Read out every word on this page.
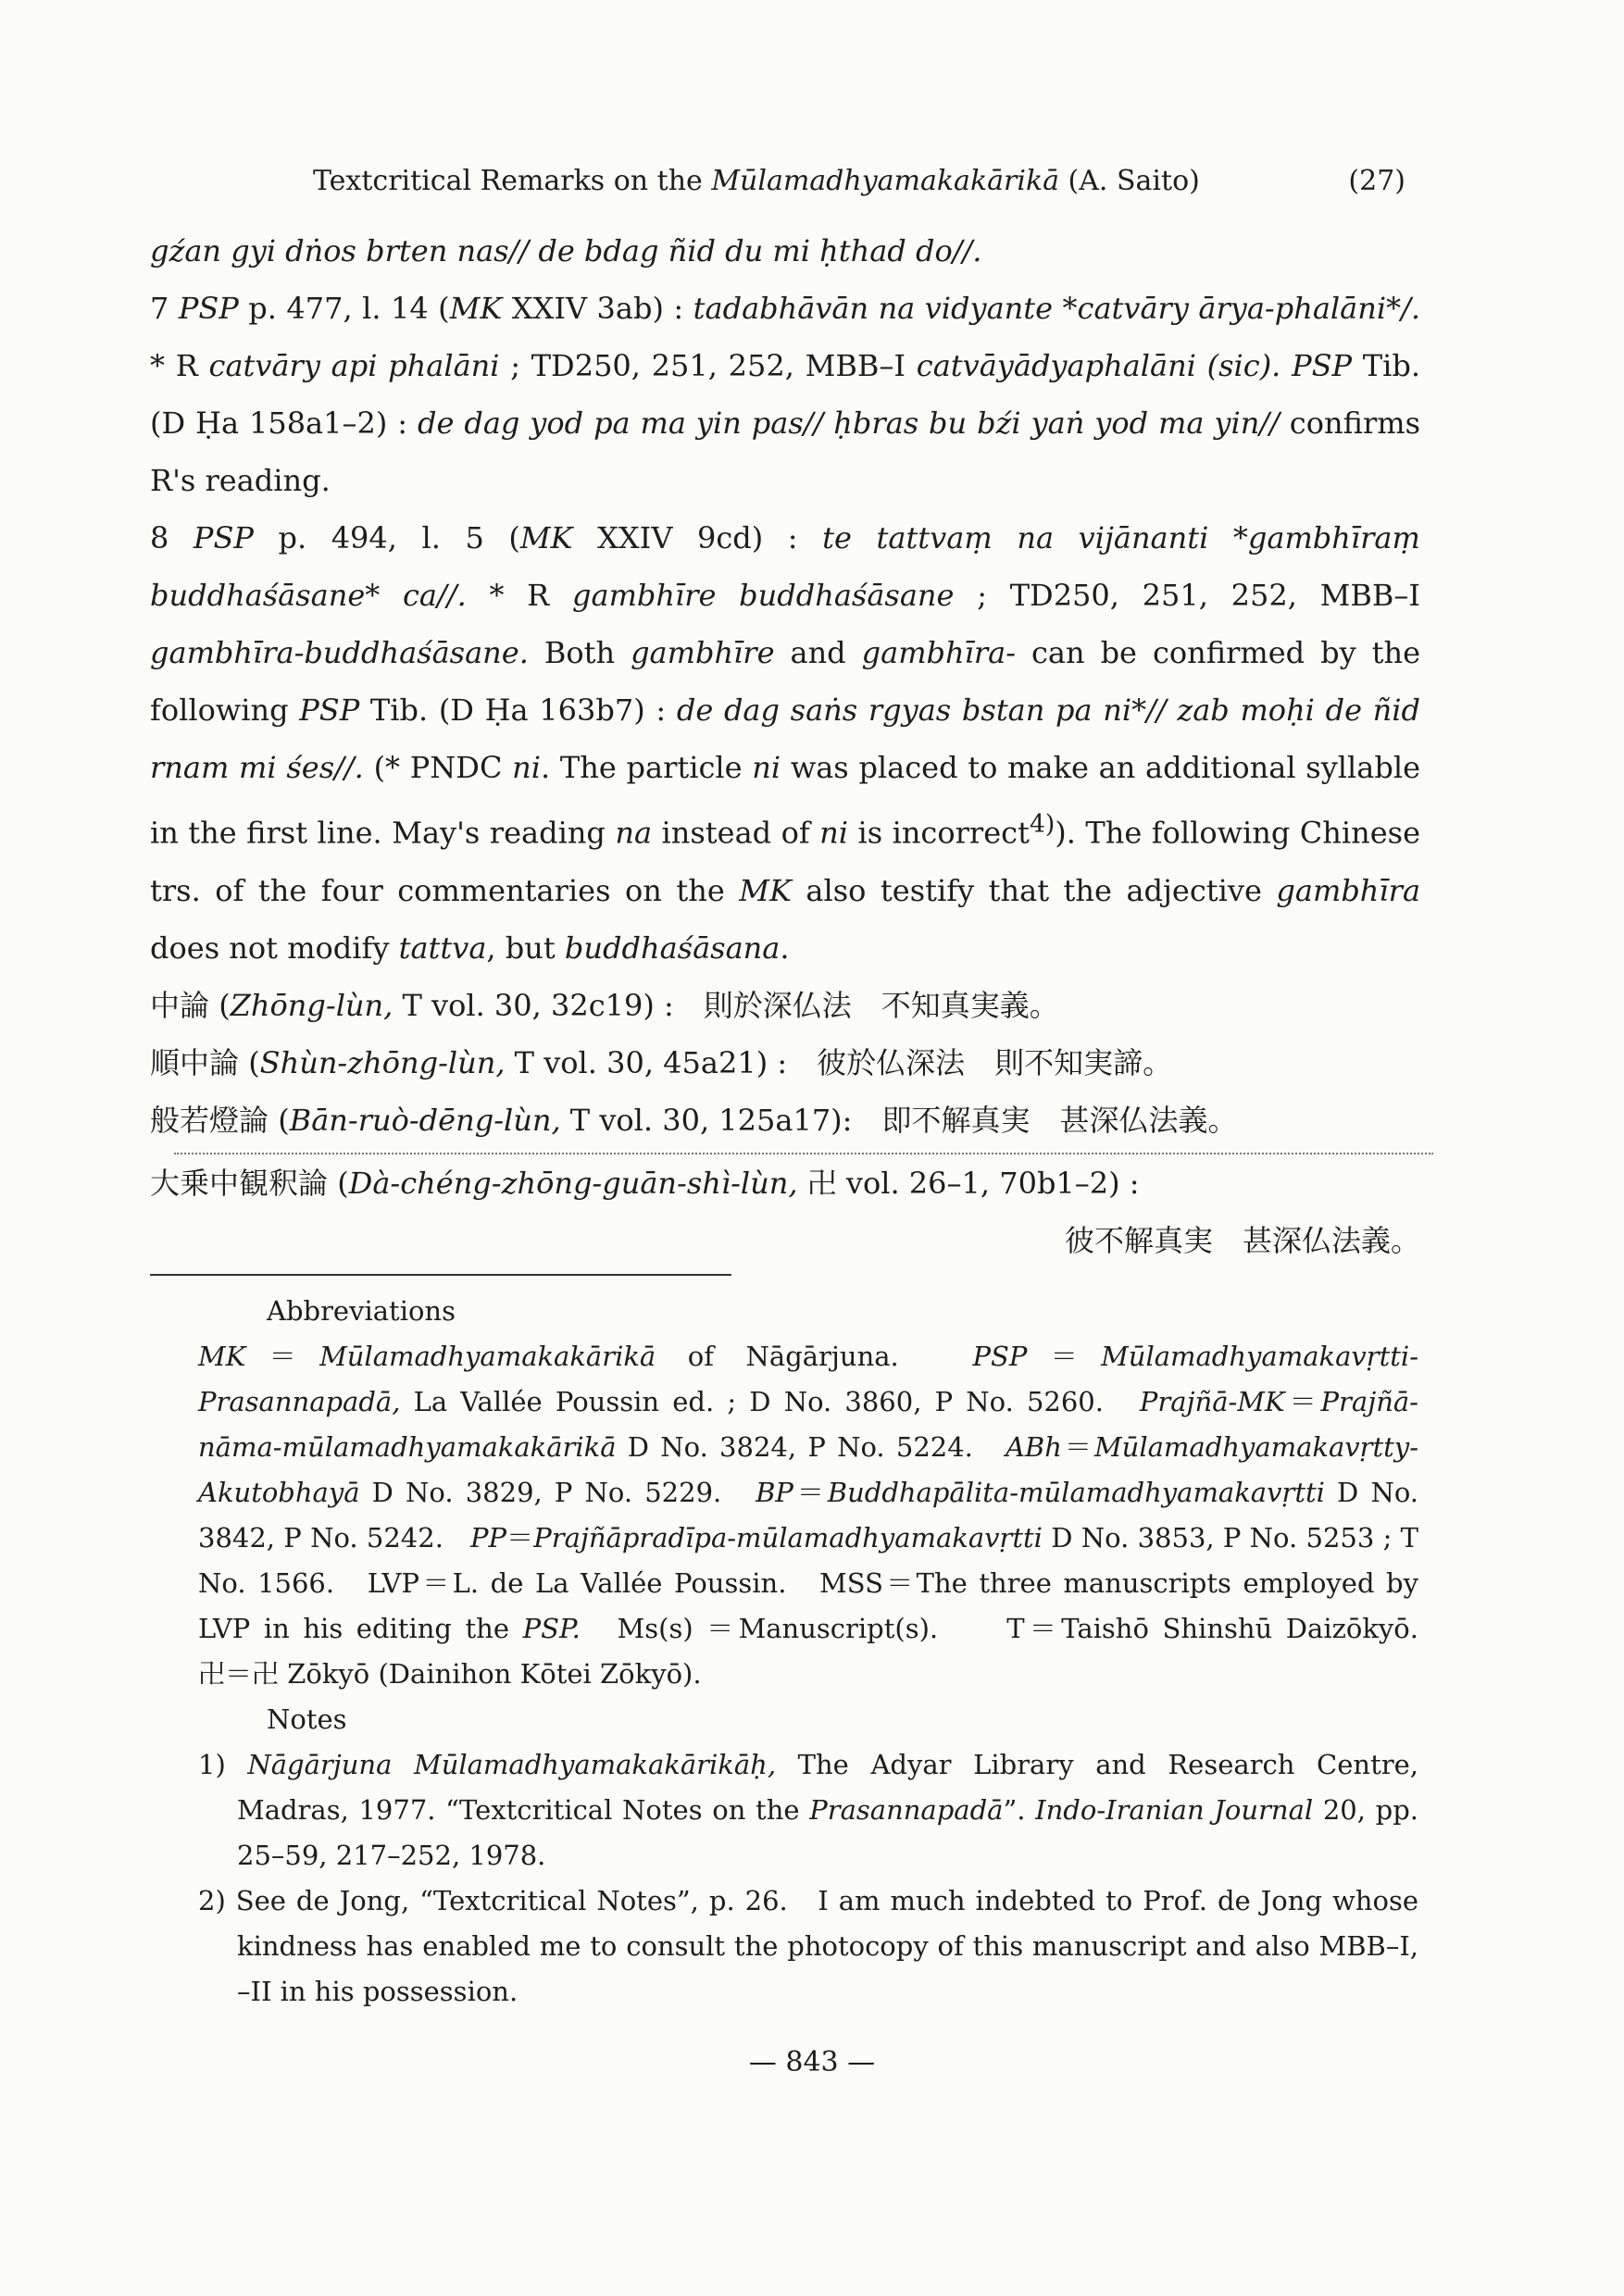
Textcritical Remarks on the Mūlamadhyamakakārikā (A. Saito)	(27)

gźan gyi dṅos brten nas// de bdag ñid du mi ḥthad do//.

7 PSP p. 477, l. 14 (MK XXIV 3ab) : tadabhāvān na vidyante *catvāry ārya-phalāni*/. * R catvāry api phalāni ; TD250, 251, 252, MBB–I catvāyādyaphalāni (sic). PSP Tib. (D Ḥa 158a1–2) : de dag yod pa ma yin pas// ḥbras bu bźi yaṅ yod ma yin// confirms R's reading.

8 PSP p. 494, l. 5 (MK XXIV 9cd) : te tattvaṃ na vijānanti *gambhīraṃ buddhaśāsane* ca//. * R gambhīre buddhaśāsane ; TD250, 251, 252, MBB–I gambhīra-buddhaśāsane. Both gambhīre and gambhīra- can be confirmed by the following PSP Tib. (D Ḥa 163b7) : de dag saṅs rgyas bstan pa ni*// zab moḥi de ñid rnam mi śes//. (* PNDC ni. The particle ni was placed to make an additional syllable in the first line. May's reading na instead of ni is incorrect$^{4)}$). The following Chinese trs. of the four commentaries on the MK also testify that the adjective gambhīra does not modify tattva, but buddhaśāsana.

中論 (Zhōng-lùn, T vol. 30, 32c19) :　 則於深仏法　不知真実義。

順中論 (Shùn-zhōng-lùn, T vol. 30, 45a21) :　 彼於仏深法　則不知実諦。

般若燈論 (Bān-ruò-dēng-lùn, T vol. 30, 125a17):　 即不解真実　甚深仏法義。

大乗中観釈論 (Dà-chéng-zhōng-guān-shì-lùn, 卍 vol. 26–1, 70b1–2) :

彼不解真実　甚深仏法義。

Abbreviations

MK＝Mūlamadhyamakakārikā of Nāgārjuna.　PSP＝Mūlamadhyamakavṛtti-Prasannapadā, La Vallée Poussin ed. ; D No. 3860, P No. 5260.　Prajñā-MK＝Prajñā-nāma-mūlamadhyamakakārikā D No. 3824, P No. 5224.　ABh＝Mūlamadhyamakavṛtty-Akutobhayā D No. 3829, P No. 5229.　BP＝Buddhapālita-mūlamadhyamakavṛtti D No. 3842, P No. 5242.　PP＝Prajñāpradīpa-mūlamadhyamakavṛtti D No. 3853, P No. 5253 ; T No. 1566.　LVP＝L. de La Vallée Poussin.　MSS＝The three manuscripts employed by LVP in his editing the PSP.　Ms(s) ＝Manuscript(s).　　T＝Taishō Shinshū Daizōkyō.　　卍＝卍 Zōkyō (Dainihon Kōtei Zōkyō).

Notes

1) Nāgārjuna Mūlamadhyamakakārikāḥ, The Adyar Library and Research Centre, Madras, 1977. “Textcritical Notes on the Prasannapadā”. Indo-Iranian Journal 20, pp. 25–59, 217–252, 1978.

2) See de Jong, “Textcritical Notes”, p. 26.　I am much indebted to Prof. de Jong whose kindness has enabled me to consult the photocopy of this manuscript and also MBB–I, –II in his possession.

— 843 —
